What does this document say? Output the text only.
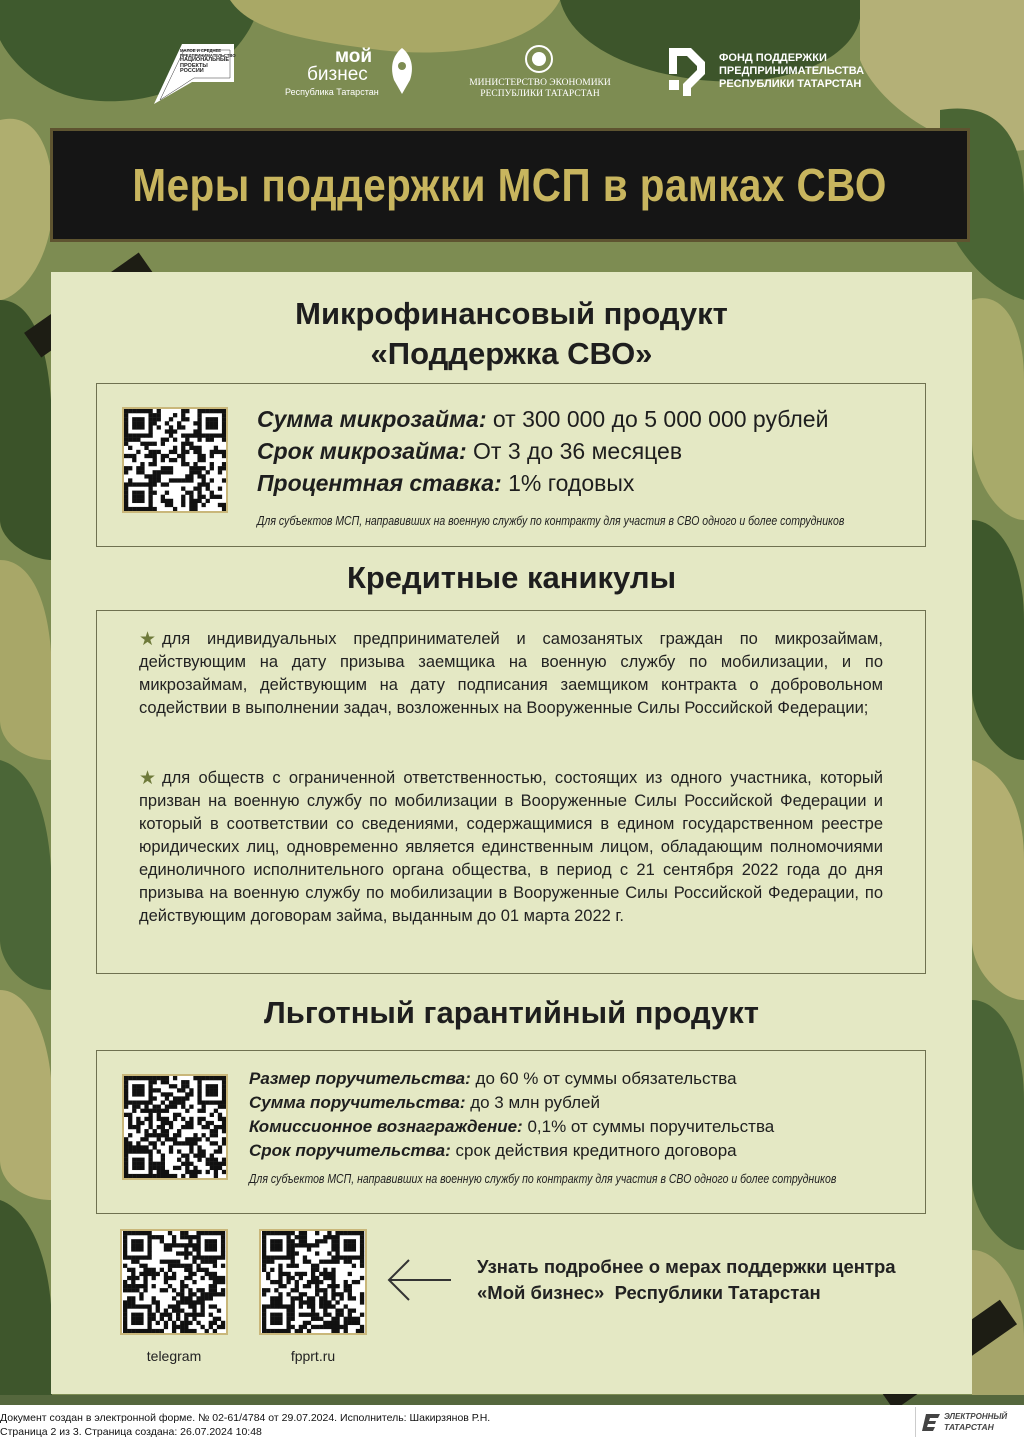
МАЛОЕ И СРЕДНЕЕ
ПРЕДПРИНИМАТЕЛЬСТВО
НАЦИОНАЛЬНЫЕ
ПРОЕКТЫ
РОССИИ
мой
бизнес
Республика Татарстан
МИНИСТЕРСТВО ЭКОНОМИКИ
РЕСПУБЛИКИ ТАТАРСТАН
ФОНД ПОДДЕРЖКИ
ПРЕДПРИНИМАТЕЛЬСТВА
РЕСПУБЛИКИ ТАТАРСТАН
Меры поддержки МСП в рамках СВО
Микрофинансовый продукт
«Поддержка СВО»
Сумма микрозайма: от 300 000 до 5 000 000 рублей
Срок микрозайма: От 3 до 36 месяцев
Процентная ставка: 1% годовых
Для субъектов МСП, направивших на военную службу по контракту для участия в СВО одного и более сотрудников
Кредитные каникулы
★ для индивидуальных предпринимателей и самозанятых граждан по микрозаймам, действующим на дату призыва заемщика на военную службу по мобилизации, и по микрозаймам, действующим на дату подписания заемщиком контракта о добровольном содействии в выполнении задач, возложенных на Вооруженные Силы Российской Федерации;
★ для обществ с ограниченной ответственностью, состоящих из одного участника, который призван на военную службу по мобилизации в Вооруженные Силы Российской Федерации и который в соответствии со сведениями, содержащимися в едином государственном реестре юридических лиц, одновременно является единственным лицом, обладающим полномочиями единоличного исполнительного органа общества, в период с 21 сентября 2022 года до дня призыва на военную службу по мобилизации в Вооруженные Силы Российской Федерации, по действующим договорам займа, выданным до 01 марта 2022 г.
Льготный гарантийный продукт
Размер поручительства: до 60 % от суммы обязательства
Сумма поручительства: до 3 млн рублей
Комиссионное вознаграждение: 0,1% от суммы поручительства
Срок поручительства: срок действия кредитного договора
Для субъектов МСП, направивших на военную службу по контракту для участия в СВО одного и более сотрудников
telegram	fpprt.ru
Узнать подробнее о мерах поддержки центра
«Мой бизнес»  Республики Татарстан
Документ создан в электронной форме. № 02-61/4784 от 29.07.2024. Исполнитель: Шакирзянов Р.Н.
Страница 2 из 3. Страница создана: 26.07.2024 10:48
ЭЛЕКТРОННЫЙ
ТАТАРСТАН
